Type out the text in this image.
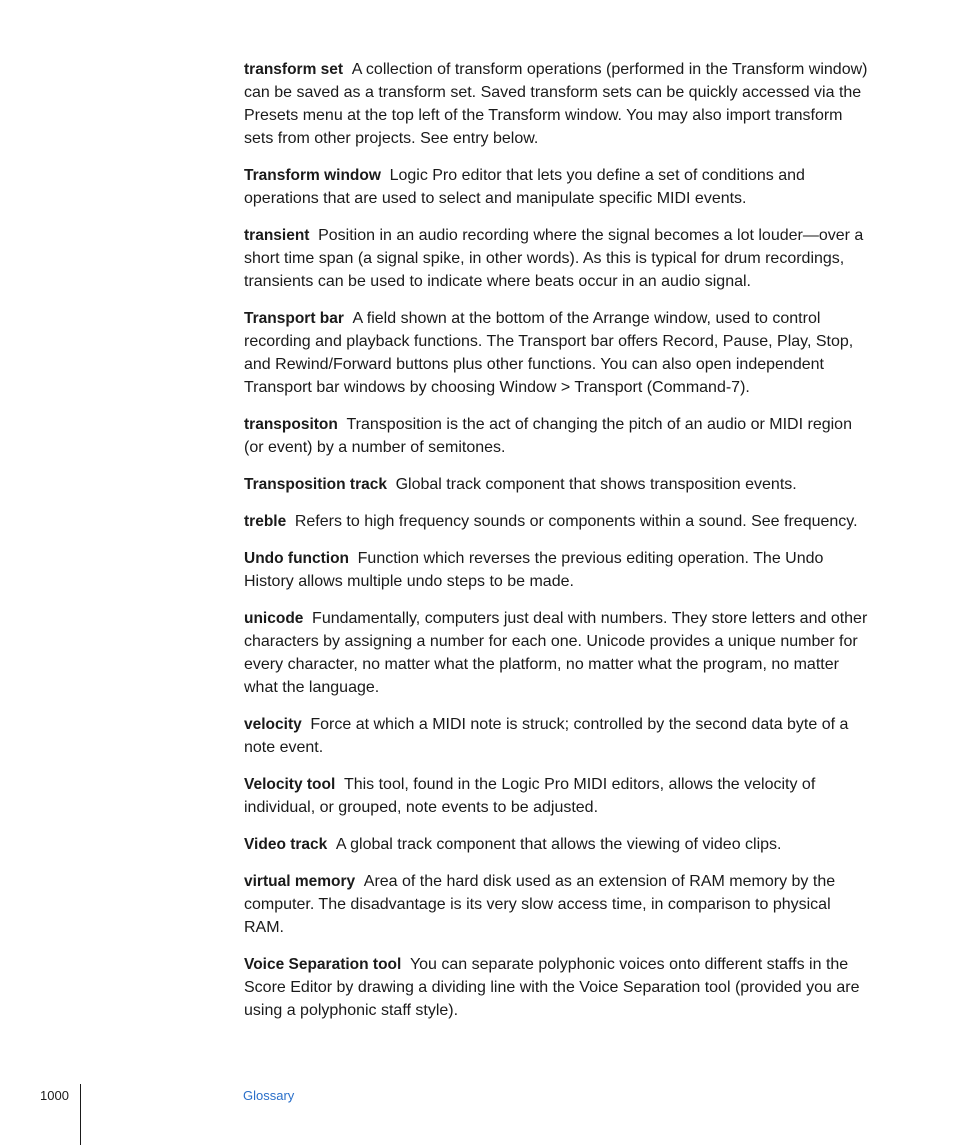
transform set A collection of transform operations (performed in the Transform window) can be saved as a transform set. Saved transform sets can be quickly accessed via the Presets menu at the top left of the Transform window. You may also import transform sets from other projects. See entry below.

Transform window Logic Pro editor that lets you define a set of conditions and operations that are used to select and manipulate specific MIDI events.

transient Position in an audio recording where the signal becomes a lot louder—over a short time span (a signal spike, in other words). As this is typical for drum recordings, transients can be used to indicate where beats occur in an audio signal.

Transport bar A field shown at the bottom of the Arrange window, used to control recording and playback functions. The Transport bar offers Record, Pause, Play, Stop, and Rewind/Forward buttons plus other functions. You can also open independent Transport bar windows by choosing Window > Transport (Command-7).

transpositon Transposition is the act of changing the pitch of an audio or MIDI region (or event) by a number of semitones.

Transposition track Global track component that shows transposition events.

treble Refers to high frequency sounds or components within a sound. See frequency.

Undo function Function which reverses the previous editing operation. The Undo History allows multiple undo steps to be made.

unicode Fundamentally, computers just deal with numbers. They store letters and other characters by assigning a number for each one. Unicode provides a unique number for every character, no matter what the platform, no matter what the program, no matter what the language.

velocity Force at which a MIDI note is struck; controlled by the second data byte of a note event.

Velocity tool This tool, found in the Logic Pro MIDI editors, allows the velocity of individual, or grouped, note events to be adjusted.

Video track A global track component that allows the viewing of video clips.

virtual memory Area of the hard disk used as an extension of RAM memory by the computer. The disadvantage is its very slow access time, in comparison to physical RAM.

Voice Separation tool You can separate polyphonic voices onto different staffs in the Score Editor by drawing a dividing line with the Voice Separation tool (provided you are using a polyphonic staff style).

1000	Glossary
